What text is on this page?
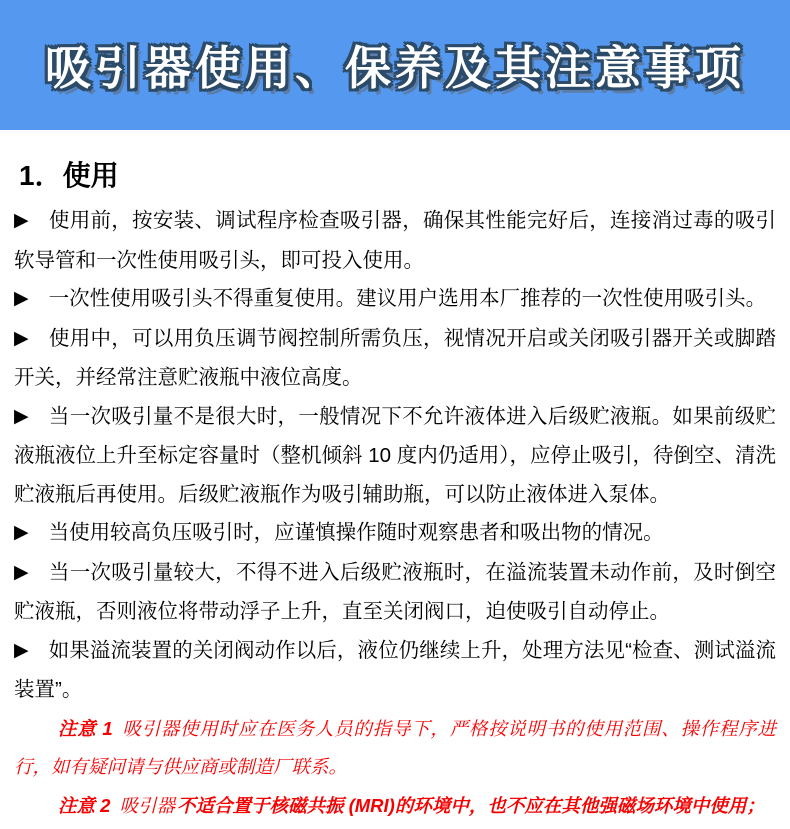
吸引器使用、保养及其注意事项
1．使用

▶ 使用前，按安装、调试程序检查吸引器，确保其性能完好后，连接消过毒的吸引软导管和一次性使用吸引头，即可投入使用。

▶ 一次性使用吸引头不得重复使用。建议用户选用本厂推荐的一次性使用吸引头。

▶ 使用中，可以用负压调节阀控制所需负压，视情况开启或关闭吸引器开关或脚踏开关，并经常注意贮液瓶中液位高度。

▶ 当一次吸引量不是很大时，一般情况下不允许液体进入后级贮液瓶。如果前级贮液瓶液位上升至标定容量时（整机倾斜 10 度内仍适用），应停止吸引，待倒空、清洗贮液瓶后再使用。后级贮液瓶作为吸引辅助瓶，可以防止液体进入泵体。

▶ 当使用较高负压吸引时，应谨慎操作随时观察患者和吸出物的情况。

▶ 当一次吸引量较大，不得不进入后级贮液瓶时，在溢流装置未动作前，及时倒空贮液瓶，否则液位将带动浮子上升，直至关闭阀口，迫使吸引自动停止。

▶ 如果溢流装置的关闭阀动作以后，液位仍继续上升，处理方法见“检查、测试溢流装置”。

注意 1 吸引器使用时应在医务人员的指导下，严格按说明书的使用范围、操作程序进行，如有疑问请与供应商或制造厂联系。

注意 2 吸引器 不适合置于核磁共振 (MRI)的环境中，也不应在其他强磁场环境中使用；
